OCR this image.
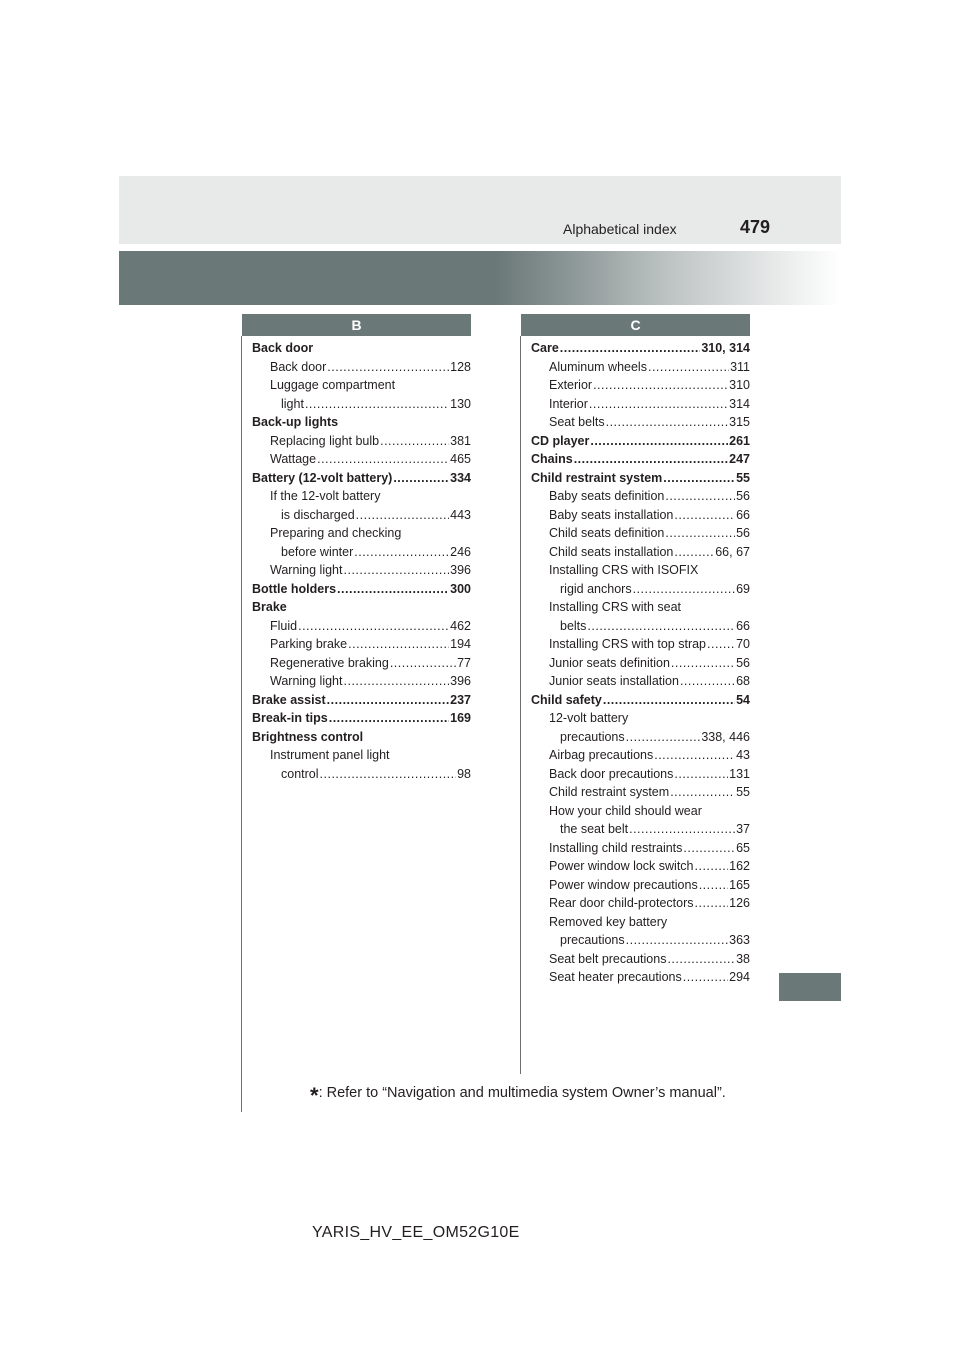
Alphabetical index	479
B	C
Back door
Back door .....	128
Luggage compartment
light .....	130
Back-up lights
Replacing light bulb .....	381
Wattage .....	465
Battery (12-volt battery) .....	334
If the 12-volt battery
is discharged .....	443
Preparing and checking
before winter .....	246
Warning light .....	396
Bottle holders .....	300
Brake
Fluid .....	462
Parking brake .....	194
Regenerative braking .....	77
Warning light .....	396
Brake assist .....	237
Break-in tips .....	169
Brightness control
Instrument panel light
control .....	98
Care .....	310, 314
Aluminum wheels .....	311
Exterior .....	310
Interior .....	314
Seat belts .....	315
CD player .....	261
Chains .....	247
Child restraint system .....	55
Baby seats definition .....	56
Baby seats installation .....	66
Child seats definition .....	56
Child seats installation .....	66, 67
Installing CRS with ISOFIX
rigid anchors .....	69
Installing CRS with seat
belts .....	66
Installing CRS with top strap ..... 70
Junior seats definition .....	56
Junior seats installation .....	68
Child safety .....	54
12-volt battery
precautions .....	338, 446
Airbag precautions .....	43
Back door precautions .....	131
Child restraint system .....	55
How your child should wear
the seat belt .....	37
Installing child restraints .....	65
Power window lock switch .....	162
Power window precautions .....	165
Rear door child-protectors .....	126
Removed key battery
precautions .....	363
Seat belt precautions .....	38
Seat heater precautions .....	294
*: Refer to “Navigation and multimedia system Owner’s manual”.
YARIS_HV_EE_OM52G10E
